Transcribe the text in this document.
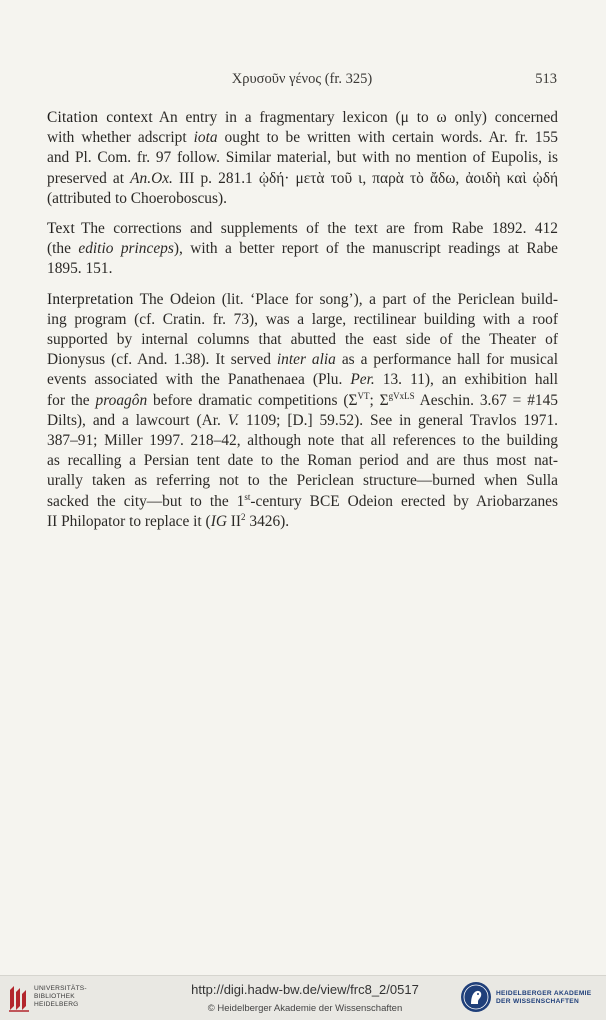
Χρυσοῦν γένος (fr. 325)	513
Citation context An entry in a fragmentary lexicon (μ to ω only) concerned
with whether adscript iota ought to be written with certain words. Ar. fr. 155
and Pl. Com. fr. 97 follow. Similar material, but with no mention of Eupolis, is
preserved at An.Ox. III p. 281.1 ᾠδή· μετὰ τοῦ ι, παρὰ τὸ ἄδω, ἀοιδὴ καὶ ᾠδή
(attributed to Choeroboscus).
Text The corrections and supplements of the text are from Rabe 1892. 412
(the editio princeps), with a better report of the manuscript readings at Rabe
1895. 151.
Interpretation The Odeion (lit. ‘Place for song’), a part of the Periclean build-
ing program (cf. Cratin. fr. 73), was a large, rectilinear building with a roof
supported by internal columns that abutted the east side of the Theater of
Dionysus (cf. And. 1.38). It served inter alia as a performance hall for musical
events associated with the Panathenaea (Plu. Per. 13. 11), an exhibition hall
for the proagôn before dramatic competitions ($\Sigma^{VT}$; $\Sigma^{gVxLS}$ Aeschin. 3.67 = #145
Dilts), and a lawcourt (Ar. V. 1109; [D.] 59.52). See in general Travlos 1971.
387–91; Miller 1997. 218–42, although note that all references to the building
as recalling a Persian tent date to the Roman period and are thus most nat-
urally taken as referring not to the Periclean structure—burned when Sulla
sacked the city—but to the 1st-century BCE Odeion erected by Ariobarzanes
II Philopator to replace it (IG $II^2$ 3426).
UNIVERSITÄTS-
BIBLIOTHEK
HEIDELBERG
http://digi.hadw-bw.de/view/frc8_2/0517
© Heidelberger Akademie der Wissenschaften
HEIDELBERGER AKADEMIE
DER WISSENSCHAFTEN
